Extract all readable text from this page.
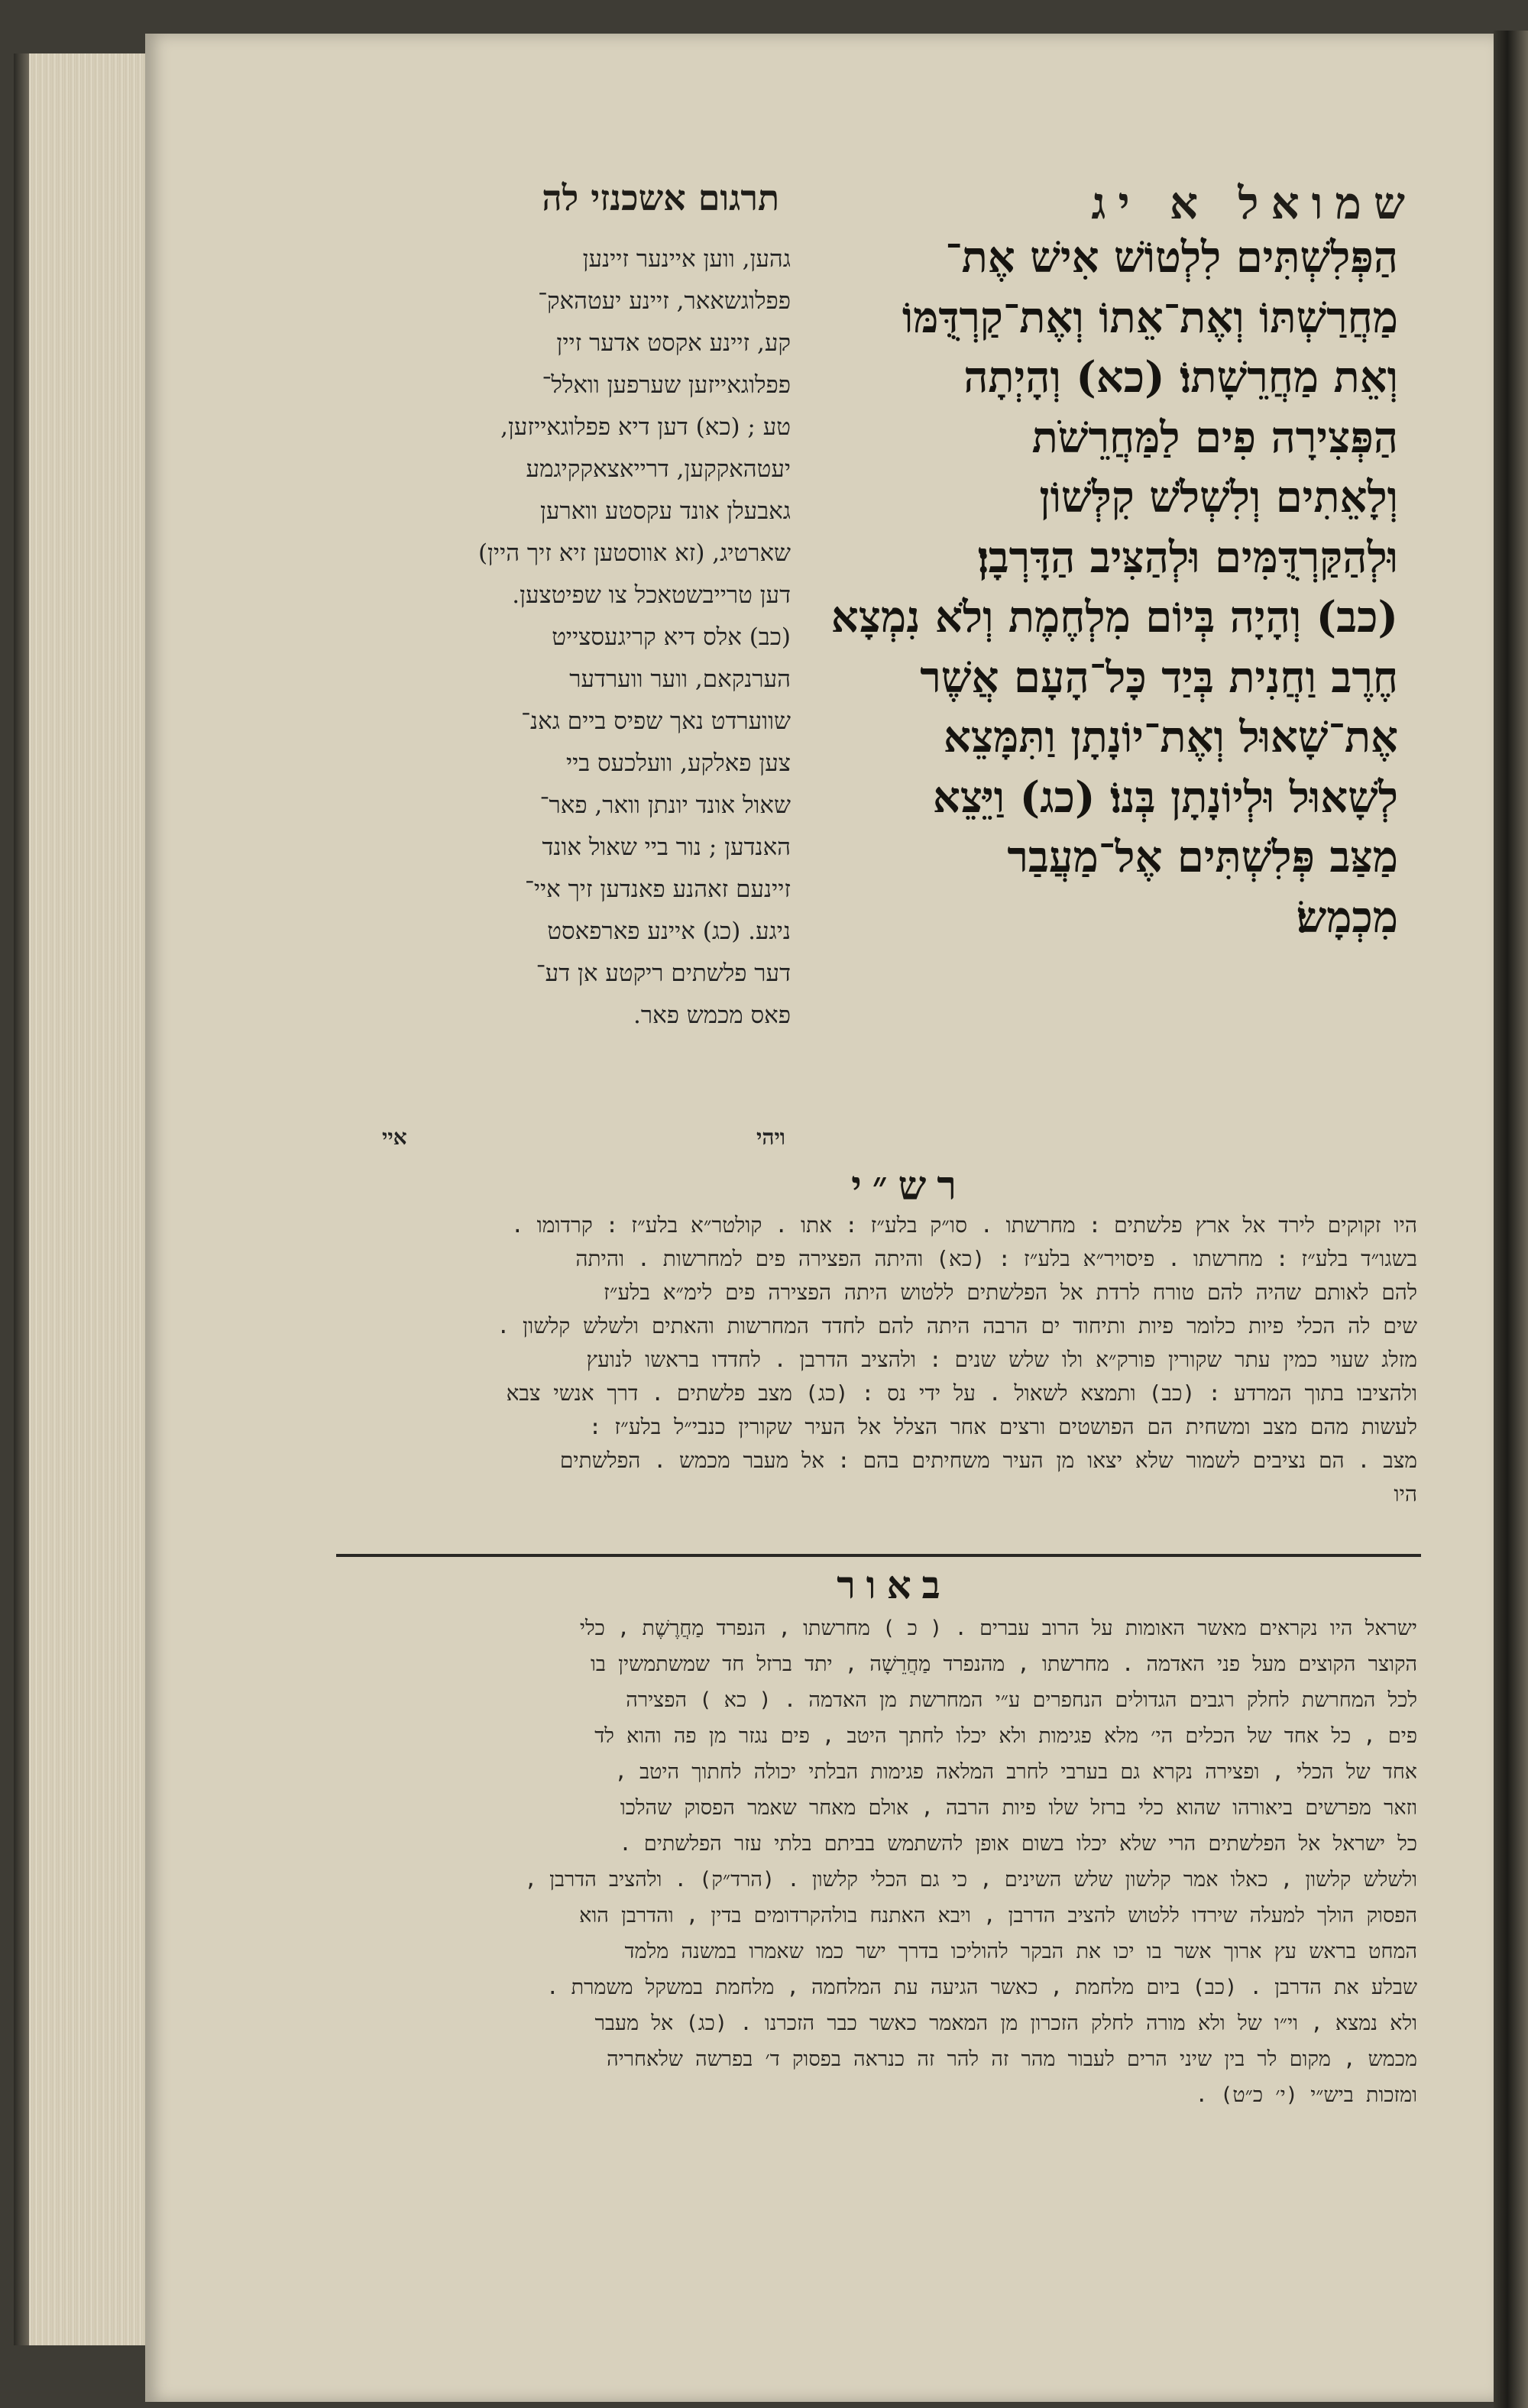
שמואל א יג
תרגום אשכנזי לה
הַפְּלִשְׁתִּים לִלְטוֹשׁ אִישׁ אֶת־
מַחֲרַשְׁתּוֹ וְאֶת־אֵתוֹ וְאֶת־קַרְדֻּמּוֹ
וְאֵת מַחֲרֵשָׁתוֹ׃ (כא) וְהָיְתָה
הַפְּצִירָה פִים לַמַּחֲרֵשֹׁת
וְלָאֵתִים וְלִשְׁלֹשׁ קִלְּשׁוֹן
וּלְהַקַּרְדֻּמִּים וּלְהַצִּיב הַדָּרְבָן׃
(כב) וְהָיָה בְּיוֹם מִלְחֶמֶת וְלֹא נִמְצָא
חֶרֶב וַחֲנִית בְּיַד כָּל־הָעָם אֲשֶׁר
אֶת־שָׁאוּל וְאֶת־יוֹנָתָן וַתִּמָּצֵא
לְשָׁאוּל וּלְיוֹנָתָן בְּנוֹ׃ (כג) וַיֵּצֵא
מַצַּב פְּלִשְׁתִּים אֶל־מַעֲבַר
מִכְמָשׂ׃
גהען, ווען איינער זיינען
פפלוגשאאר, זיינע יעטהאק־
קע, זיינע אקסט אדער זיין
פפלוגאייזען שערפען וואלל־
טע ; (כא) דען דיא פפלוגאייזען,
יעטהאקקען, דרייאצאקקיגמע
גאבעלן אונד עקסטע ווארען
שארטיג, (זא אווסטען זיא זיך היין)
דען טרייבשטאכל צו שפיטצען.
(כב) אלס דיא קריגעסצייט
הערנקאם, ווער ווערדער
שווערדט נאך שפיס ביים גאנ־
צען פאלקע, וועלכעס ביי
שאול אונד יונתן וואר, פאר־
האנדען ; נור ביי שאול אונד
זיינעם זאהנע פאנדען זיך איי־
ניגע. (כג) איינע פארפאסט
דער פלשתים ריקטע אן דע־
פאס מכמש פאר.
איי	ויהי
רש״י
היו זקוקים לירד אל ארץ פלשתים : מחרשתו . סו״ק בלע״ז : אתו . קולטר״א בלע״ז : קרדומו .
בשגו״ד בלע״ז : מחרשתו . פיסויר״א בלע״ז : (כא) והיתה הפצירה פים למחרשות . והיתה
להם לאותם שהיה להם טורח לרדת אל הפלשתים ללטוש היתה הפצירה פים לימ״א בלע״ז
שים לה הכלי פיות כלומר פיות ותיחוד ים הרבה היתה להם לחדד המחרשות והאתים ולשלש קלשון .
מזלג שעוי כמין עתר שקורין פורק״א ולו שלש שנים : ולהציב הדרבן . לחדדו בראשו לנועץ
ולהציבו בתוך המרדע : (כב) ותמצא לשאול . על ידי נס : (כג) מצב פלשתים . דרך אנשי צבא
לעשות מהם מצב ומשחית הם הפושטים ורצים אחר הצלל אל העיר שקורין כנבי״ל בלע״ז :
מצב . הם נציבים לשמור שלא יצאו מן העיר משחיתים בהם : אל מעבר מכמש . הפלשתים
היו
באור
ישראל היו נקראים מאשר האומות על הרוב עברים . ( כ ) מחרשתו , הנפרד מַחֲרֶשֶׁת , כלי
הקוצר הקוצים מעל פני האדמה . מחרשתו , מהנפרד מַחֲרֵשָׁה , יתד ברזל חד שמשתמשין בו
לכל המחרשת לחלק רגבים הגדולים הנחפרים ע״י המחרשת מן האדמה . ( כא ) הפצירה
פים , כל אחד של הכלים הי׳ מלא פגימות ולא יכלו לחתך היטב , פים נגזר מן פה והוא לד
אחד של הכלי , ופצירה נקרא גם בערבי לחרב המלאה פגימות הבלתי יכולה לחתוך היטב ,
וזאר מפרשים ביאורהו שהוא כלי ברזל שלו פיות הרבה , אולם מאחר שאמר הפסוק שהלכו
כל ישראל אל הפלשתים הרי שלא יכלו בשום אופן להשתמש בביתם בלתי עזר הפלשתים .
ולשלש קלשון , כאלו אמר קלשון שלש השינים , כי גם הכלי קלשון . (הרד״ק) . ולהציב הדרבן ,
הפסוק הולך למעלה שירדו ללטוש להציב הדרבן , ויבא האתנח בולהקרדומים בדין , והדרבן הוא
המחט בראש עץ ארוך אשר בו יכו את הבקר להוליכו בדרך ישר כמו שאמרו במשנה מלמד
שבלע את הדרבן . (כב) ביום מלחמת , כאשר הגיעה עת המלחמה , מלחמת במשקל משמרת .
ולא נמצא , וי״ו של ולא מורה לחלק הזכרון מן המאמר כאשר כבר הזכרנו . (כג) אל מעבר
מכמש , מקום לר בין שיני הרים לעבור מהר זה להר זה כנראה בפסוק ד׳ בפרשה שלאחריה
ומזכות ביש״י (י׳ כ״ט) .
